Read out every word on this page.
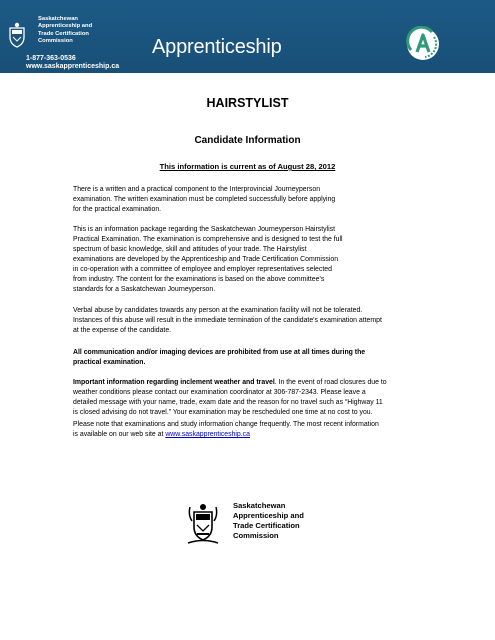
Saskatchewan
Apprenticeship and
Trade Certification
Commission
1-877-363-0536
www.saskapprenticeship.ca
Apprenticeship
HAIRSTYLIST
Candidate Information
This information is current as of August 28, 2012
There is a written and a practical component to the Interprovincial Journeyperson
examination. The written examination must be completed successfully before applying
for the practical examination.
This is an information package regarding the Saskatchewan Journeyperson Hairstylist
Practical Examination. The examination is comprehensive and is designed to test the full
spectrum of basic knowledge, skill and attitudes of your trade. The Hairstylist
examinations are developed by the Apprenticeship and Trade Certification Commission
in co-operation with a committee of employee and employer representatives selected
from industry. The content for the examinations is based on the above committee’s
standards for a Saskatchewan Journeyperson.
Verbal abuse by candidates towards any person at the examination facility will not be tolerated.
Instances of this abuse will result in the immediate termination of the candidate's examination attempt
at the expense of the candidate.
All communication and/or imaging devices are prohibited from use at all times during the
practical examination.
Important information regarding inclement weather and travel. In the event of road closures due to
weather conditions please contact our examination coordinator at 306-787-2343. Please leave a
detailed message with your name, trade, exam date and the reason for no travel such as “Highway 11
is closed advising do not travel.” Your examination may be rescheduled one time at no cost to you.
Please note that examinations and study information change frequently. The most recent information
is available on our web site at www.saskapprenticeship.ca
Saskatchewan
Apprenticeship and
Trade Certification
Commission
